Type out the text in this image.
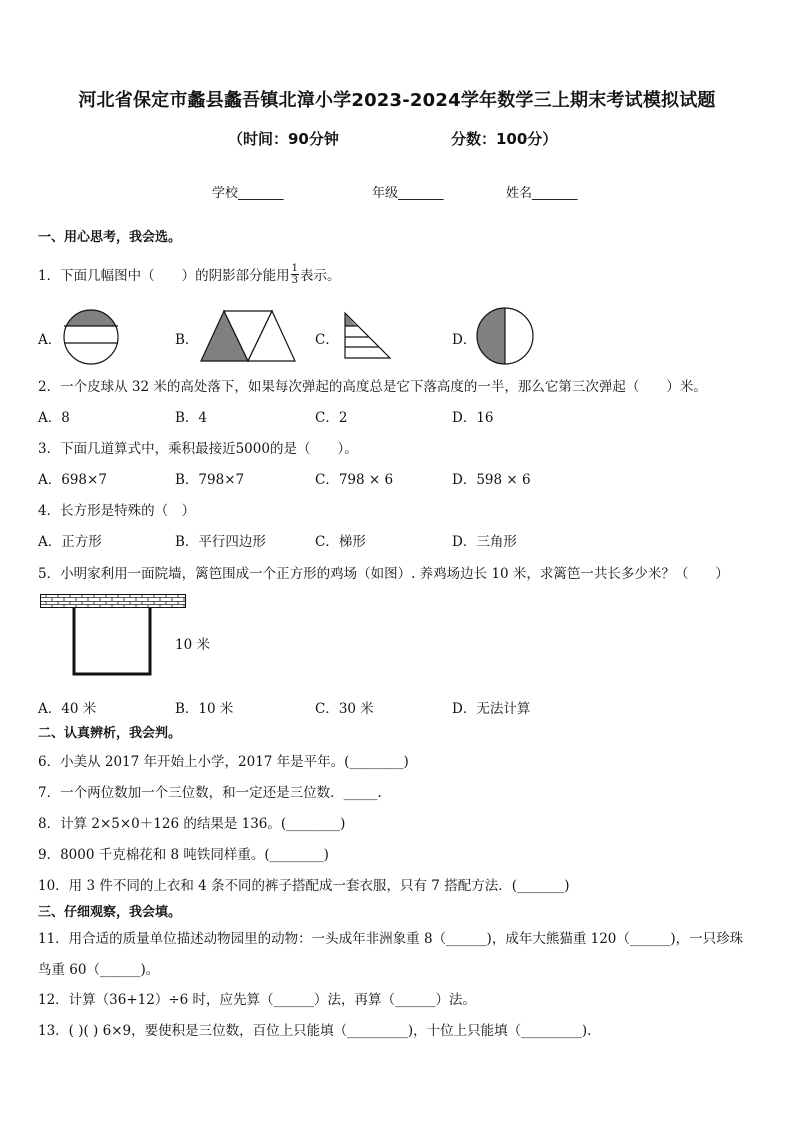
河北省保定市蠡县蠡吾镇北漳小学2023-2024学年数学三上期末考试模拟试题
（时间：90分钟	分数：100分）
学校_______	年级_______	姓名_______
一、用心思考，我会选。
1．下面几幅图中（　　）的阴影部分能用 $\frac{1}{3}$ 表示。
A．	B．	C．	D．
2．一个皮球从 32 米的高处落下，如果每次弹起的高度总是它下落高度的一半，那么它第三次弹起（　　）米。
A．8	B．4	C．2	D．16
3．下面几道算式中，乘积最接近5000的是（　　）。
A．698×7	B．798×7	C．798 × 6	D．598 × 6
4．长方形是特殊的（　）
A．正方形	B．平行四边形	C．梯形	D．三角形
5．小明家利用一面院墙，篱笆围成一个正方形的鸡场（如图）. 养鸡场边长 10 米，求篱笆一共长多少米？（　　）
10 米
A．40 米	B．10 米	C．30 米	D．无法计算
二、认真辨析，我会判。
6．小美从 2017 年开始上小学，2017 年是平年。(________)
7．一个两位数加一个三位数，和一定还是三位数．_____.
8．计算 2×5×0＋126 的结果是 136。(________)
9．8000 千克棉花和 8 吨铁同样重。(________)
10．用 3 件不同的上衣和 4 条不同的裤子搭配成一套衣服，只有 7 搭配方法．(_______)
三、仔细观察，我会填。
11．用合适的质量单位描述动物园里的动物：一头成年非洲象重 8（______)，成年大熊猫重 120（______)，一只珍珠
鸟重 60（______)。
12．计算（36+12）÷6 时，应先算（______）法，再算（______）法。
13．( )( ) 6×9，要使积是三位数，百位上只能填（_________)，十位上只能填（_________).
